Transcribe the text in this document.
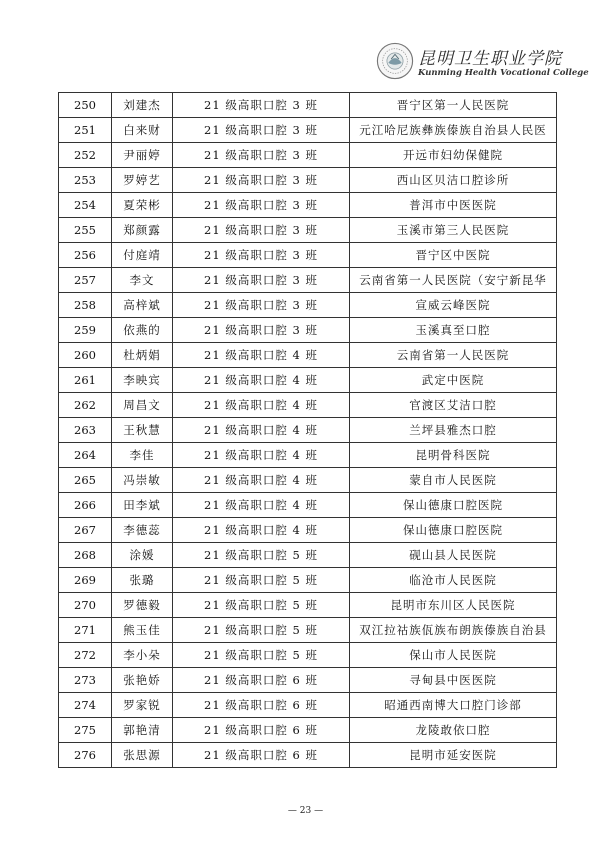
昆明卫生职业学院
Kunming Health Vocational College
250	刘建杰	21 级高职口腔 3 班	晋宁区第一人民医院
251	白来财	21 级高职口腔 3 班	元江哈尼族彝族傣族自治县人民医
252	尹丽婷	21 级高职口腔 3 班	开远市妇幼保健院
253	罗婷艺	21 级高职口腔 3 班	西山区贝洁口腔诊所
254	夏荣彬	21 级高职口腔 3 班	普洱市中医医院
255	郑颜露	21 级高职口腔 3 班	玉溪市第三人民医院
256	付庭靖	21 级高职口腔 3 班	晋宁区中医院
257	李文	21 级高职口腔 3 班	云南省第一人民医院（安宁新昆华
258	高梓斌	21 级高职口腔 3 班	宣威云峰医院
259	依燕的	21 级高职口腔 3 班	玉溪真至口腔
260	杜炳娟	21 级高职口腔 4 班	云南省第一人民医院
261	李映宾	21 级高职口腔 4 班	武定中医院
262	周昌文	21 级高职口腔 4 班	官渡区艾洁口腔
263	王秋慧	21 级高职口腔 4 班	兰坪县雅杰口腔
264	李佳	21 级高职口腔 4 班	昆明骨科医院
265	冯崇敏	21 级高职口腔 4 班	蒙自市人民医院
266	田李斌	21 级高职口腔 4 班	保山德康口腔医院
267	李德蕊	21 级高职口腔 4 班	保山德康口腔医院
268	涂媛	21 级高职口腔 5 班	砚山县人民医院
269	张璐	21 级高职口腔 5 班	临沧市人民医院
270	罗德毅	21 级高职口腔 5 班	昆明市东川区人民医院
271	熊玉佳	21 级高职口腔 5 班	双江拉祜族佤族布朗族傣族自治县
272	李小朵	21 级高职口腔 5 班	保山市人民医院
273	张艳娇	21 级高职口腔 6 班	寻甸县中医医院
274	罗家锐	21 级高职口腔 6 班	昭通西南博大口腔门诊部
275	郭艳清	21 级高职口腔 6 班	龙陵敢依口腔
276	张思源	21 级高职口腔 6 班	昆明市延安医院
— 23 —
